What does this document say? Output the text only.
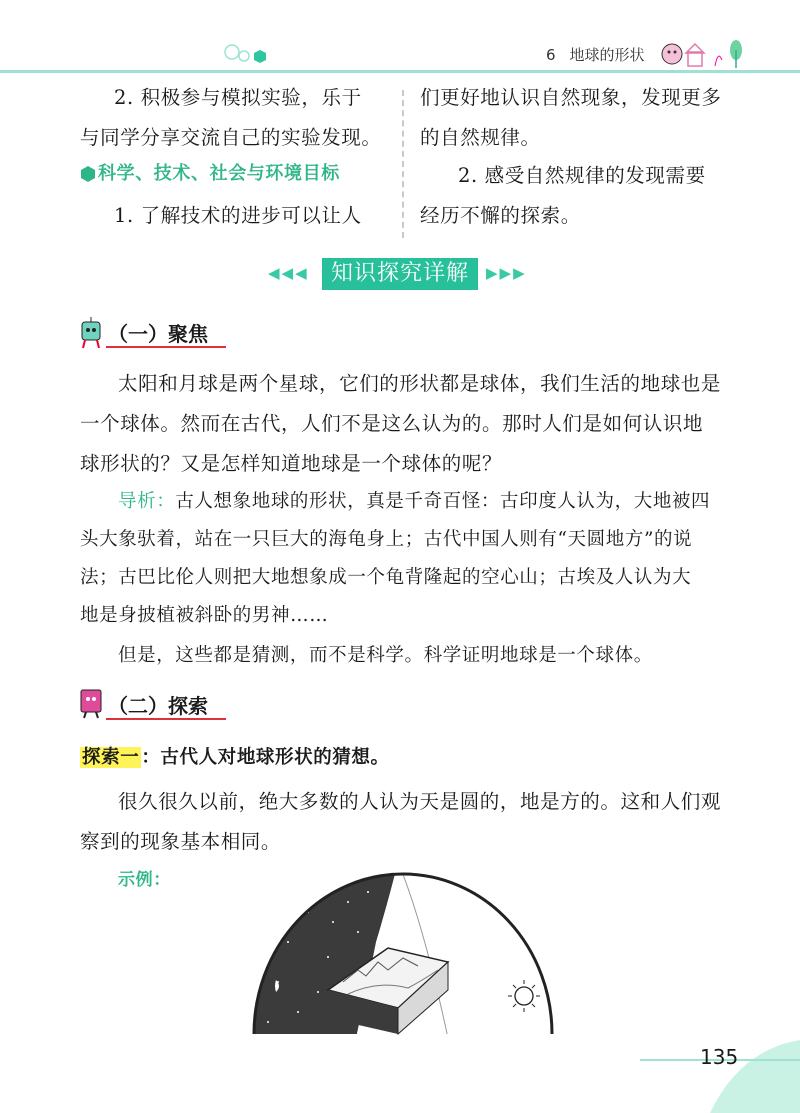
6 地球的形状
2. 积极参与模拟实验，乐于
与同学分享交流自己的实验发现。
科学、技术、社会与环境目标
1. 了解技术的进步可以让人
们更好地认识自然现象，发现更多
的自然规律。
2. 感受自然规律的发现需要
经历不懈的探索。
◀◀◀	知识探究详解	▶▶▶
（一）聚焦
太阳和月球是两个星球，它们的形状都是球体，我们生活的地球也是
一个球体。然而在古代，人们不是这么认为的。那时人们是如何认识地
球形状的？又是怎样知道地球是一个球体的呢？
导析：古人想象地球的形状，真是千奇百怪：古印度人认为，大地被四
头大象驮着，站在一只巨大的海龟身上；古代中国人则有“天圆地方”的说
法；古巴比伦人则把大地想象成一个龟背隆起的空心山；古埃及人认为大
地是身披植被斜卧的男神……
但是，这些都是猜测，而不是科学。科学证明地球是一个球体。
（二）探索
探索一 ：古代人对地球形状的猜想。
很久很久以前，绝大多数的人认为天是圆的，地是方的。这和人们观
察到的现象基本相同。
示例：
135
